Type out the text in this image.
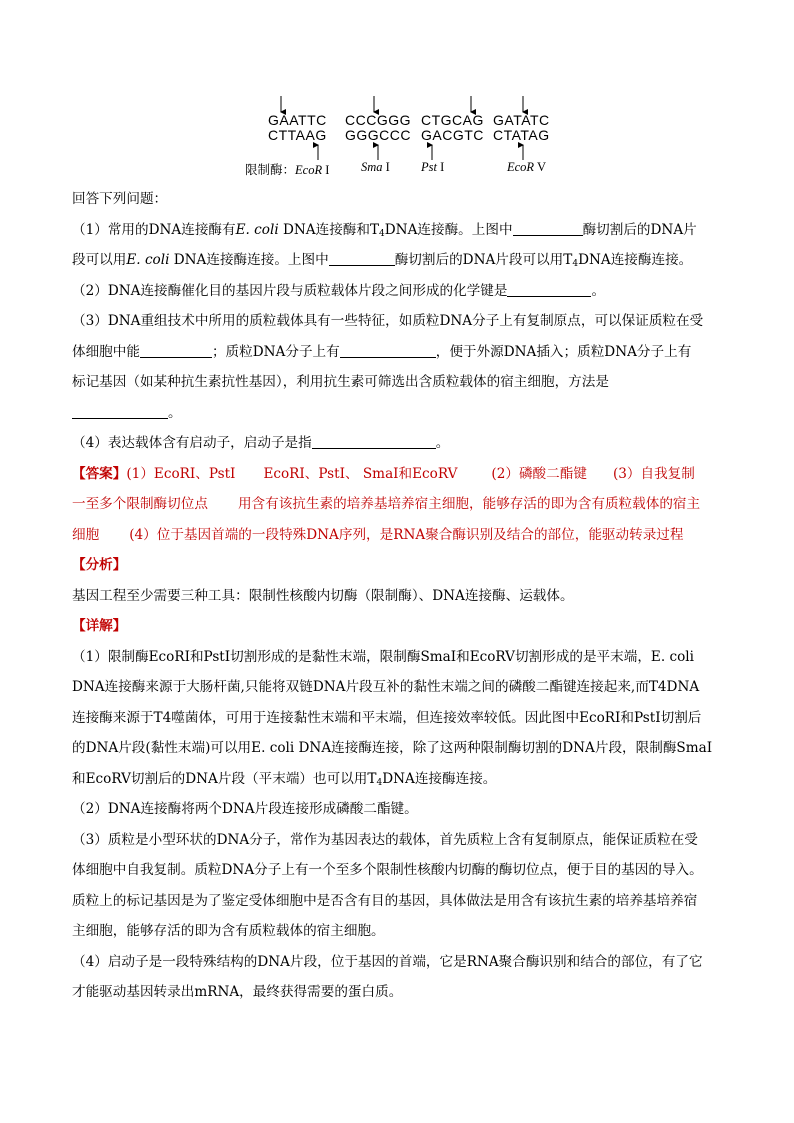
GAATTC
CTTAAG
CCCGGG
GGGCCC
CTGCAG
GACGTC
GATATC
CTATAG
限制酶：EcoR I	Sma I Pst I	EcoR V
回答下列问题：
（1）常用的DNA连接酶有E. coli DNA连接酶和$T_4DNA$连接酶。上图中	酶切割后的DNA片
段可以用E. coli DNA连接酶连接。上图中	酶切割后的DNA片段可以用$T_4DNA$连接酶连接。
（2）DNA连接酶催化目的基因片段与质粒载体片段之间形成的化学键是	。
（3）DNA重组技术中所用的质粒载体具有一些特征，如质粒DNA分子上有复制原点，可以保证质粒在受
体细胞中能	；质粒DNA分子上有	，便于外源DNA插入；质粒DNA分子上有
标记基因（如某种抗生素抗性基因），利用抗生素可筛选出含质粒载体的宿主细胞，方法是
。
（4）表达载体含有启动子，启动子是指	。
【答案】(1）EcoRI、PstI EcoRI、PstI、 SmaI和EcoRV	(2）磷酸二酯键 (3）自我复制
一至多个限制酶切位点 用含有该抗生素的培养基培养宿主细胞，能够存活的即为含有质粒载体的宿主
细胞 (4）位于基因首端的一段特殊DNA序列，是RNA聚合酶识别及结合的部位，能驱动转录过程
【分析】
基因工程至少需要三种工具：限制性核酸内切酶（限制酶）、DNA连接酶、运载体。
【详解】
（1）限制酶EcoRI和PstI切割形成的是黏性末端，限制酶SmaI和EcoRV切割形成的是平末端，E. coli
DNA连接酶来源于大肠杆菌,只能将双链DNA片段互补的黏性末端之间的磷酸二酯键连接起来,而T4DNA
连接酶来源于T4噬菌体，可用于连接黏性末端和平末端，但连接效率较低。因此图中EcoRI和PstI切割后
的DNA片段(黏性末端)可以用E. coli DNA连接酶连接，除了这两种限制酶切割的DNA片段，限制酶SmaI
和EcoRV切割后的DNA片段（平末端）也可以用$T_4DNA$连接酶连接。
（2）DNA连接酶将两个DNA片段连接形成磷酸二酯键。
（3）质粒是小型环状的DNA分子，常作为基因表达的载体，首先质粒上含有复制原点，能保证质粒在受
体细胞中自我复制。质粒DNA分子上有一个至多个限制性核酸内切酶的酶切位点，便于目的基因的导入。
质粒上的标记基因是为了鉴定受体细胞中是否含有目的基因，具体做法是用含有该抗生素的培养基培养宿
主细胞，能够存活的即为含有质粒载体的宿主细胞。
（4）启动子是一段特殊结构的DNA片段，位于基因的首端，它是RNA聚合酶识别和结合的部位，有了它
才能驱动基因转录出mRNA，最终获得需要的蛋白质。
